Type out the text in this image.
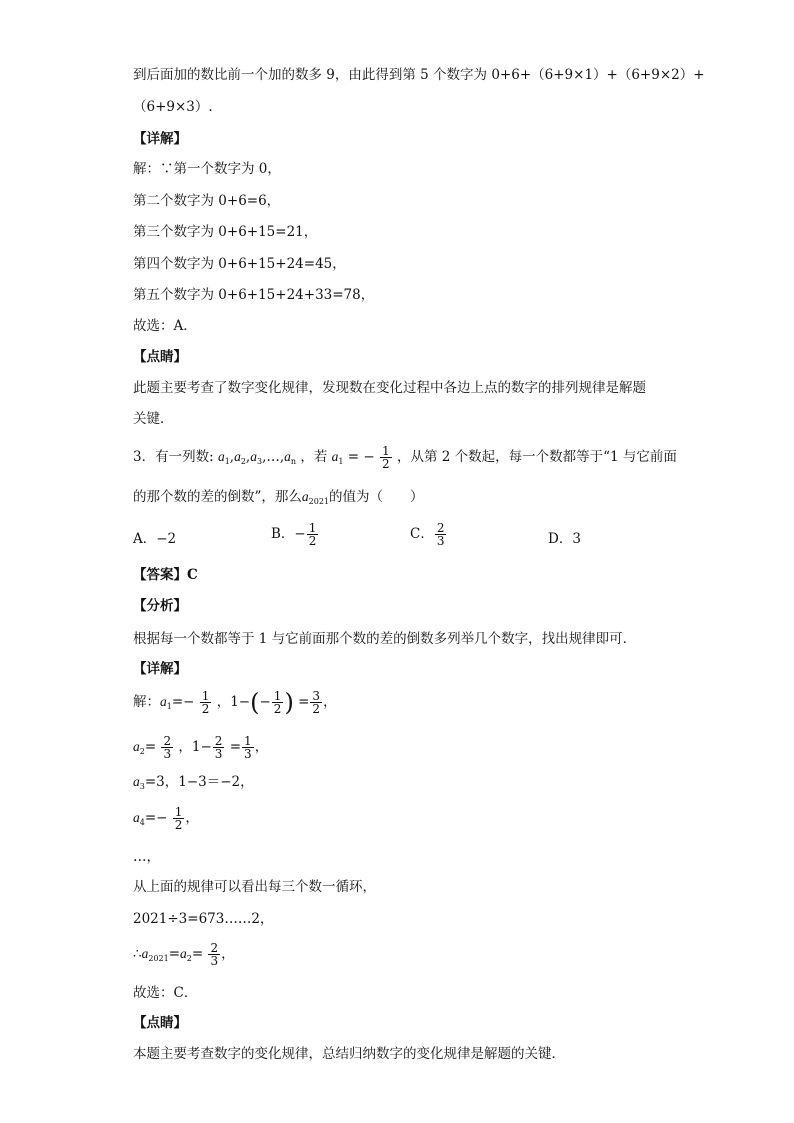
到后面加的数比前一个加的数多 9，由此得到第 5 个数字为 0+6+（6+9×1）+（6+9×2）+
（6+9×3）.
【详解】
解：∵第一个数字为 0，
第二个数字为 0+6=6，
第三个数字为 0+6+15=21，
第四个数字为 0+6+15+24=45，
第五个数字为 0+6+15+24+33=78，
故选：A．
【点睛】
此题主要考查了数字变化规律，发现数在变化过程中各边上点的数字的排列规律是解题
关键．
3．有一列数: $a_1,a_2,a_3,\dots,a_n$ ，若 $a_1$ = − $\frac{1}{2}$ ，从第 2 个数起，每一个数都等于“1 与它前面
的那个数的差的倒数”，那么$a_{2021}$的值为（　　）
A．−2	B．− $\frac{1}{2}$	C． $\frac{2}{3}$	D．3
【答案】C
【分析】
根据每一个数都等于 1 与它前面那个数的差的倒数多列举几个数字，找出规律即可．
【详解】
解：$a_1=- \frac{1}{2}$ ，$1-(- \frac{1}{2}$ ) = $\frac{3}{2}$ ，
$a_2= \frac{2}{3}$ ，$1- \frac{2}{3} = \frac{1}{3}$ ，
$a_3=3$，1−3＝−2，
$a_4=- \frac{1}{2}$ ，
…，
从上面的规律可以看出每三个数一循环，
2021÷3=673……2，
$\therefore a_{2021}=a_2= \frac{2}{3}$ ，
故选：C．
【点睛】
本题主要考查数字的变化规律，总结归纳数字的变化规律是解题的关键．
